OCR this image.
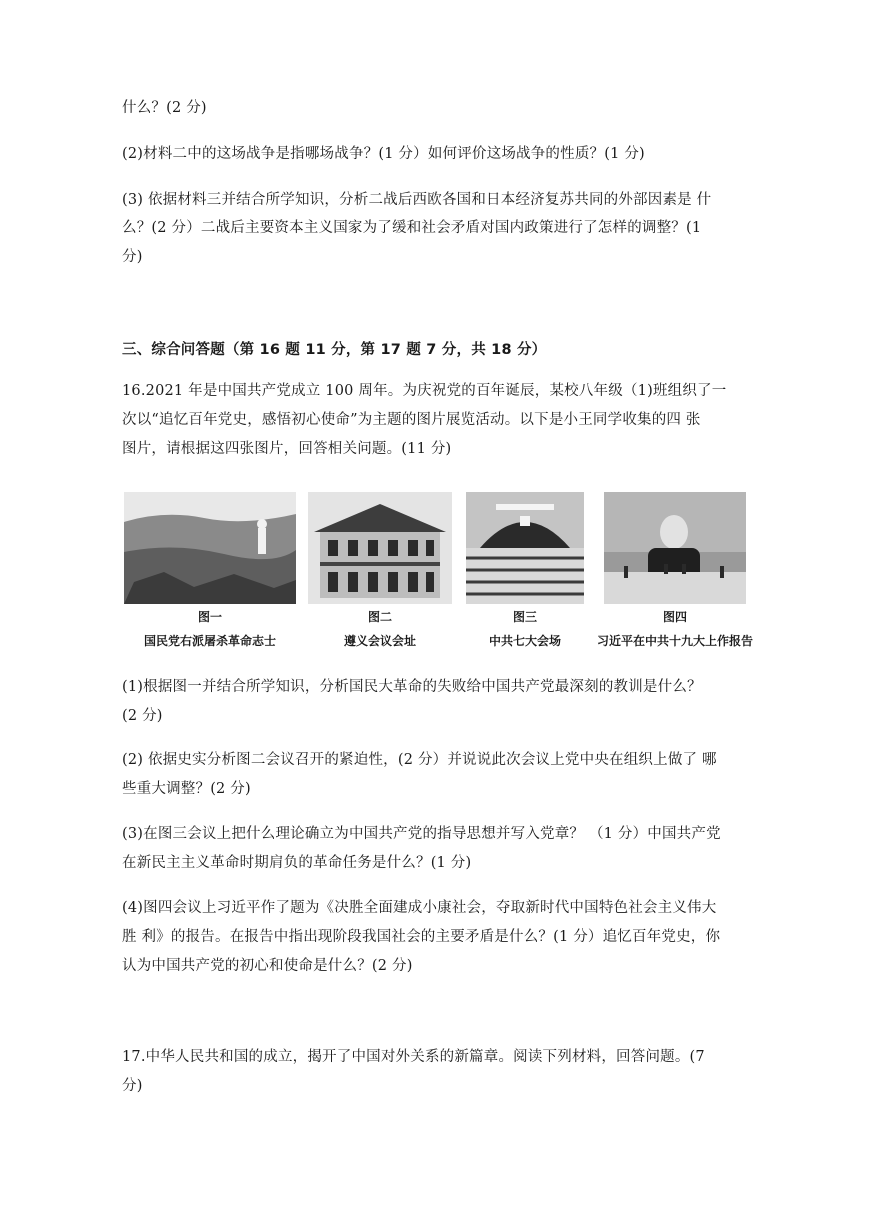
什么？(2 分)
(2)材料二中的这场战争是指哪场战争？(1 分）如何评价这场战争的性质？(1 分)
(3) 依据材料三并结合所学知识，分析二战后西欧各国和日本经济复苏共同的外部因素是 什
么？(2 分）二战后主要资本主义国家为了缓和社会矛盾对国内政策进行了怎样的调整？(1
分)
三、综合问答题（第 16 题 11 分，第 17 题 7 分，共 18 分）
16.2021 年是中国共产党成立 100 周年。为庆祝党的百年诞辰，某校八年级（1)班组织了一
次以“追忆百年党史，感悟初心使命”为主题的图片展览活动。以下是小王同学收集的四 张
图片，请根据这四张图片，回答相关问题。(11 分)
图一	图二	图三	图四
国民党右派屠杀革命志士	遵义会议会址	中共七大会场	习近平在中共十九大上作报告
(1)根据图一并结合所学知识，分析国民大革命的失败给中国共产党最深刻的教训是什么？
(2 分)
(2) 依据史实分析图二会议召开的紧迫性，(2 分）并说说此次会议上党中央在组织上做了 哪
些重大调整？(2 分)
(3)在图三会议上把什么理论确立为中国共产党的指导思想并写入党章？ （1 分）中国共产党
在新民主主义革命时期肩负的革命任务是什么？(1 分)
(4)图四会议上习近平作了题为《决胜全面建成小康社会，夺取新时代中国特色社会主义伟大
胜 利》的报告。在报告中指出现阶段我国社会的主要矛盾是什么？(1 分）追忆百年党史，你
认为中国共产党的初心和使命是什么？(2 分)
17.中华人民共和国的成立，揭开了中国对外关系的新篇章。阅读下列材料，回答问题。(7
分)
